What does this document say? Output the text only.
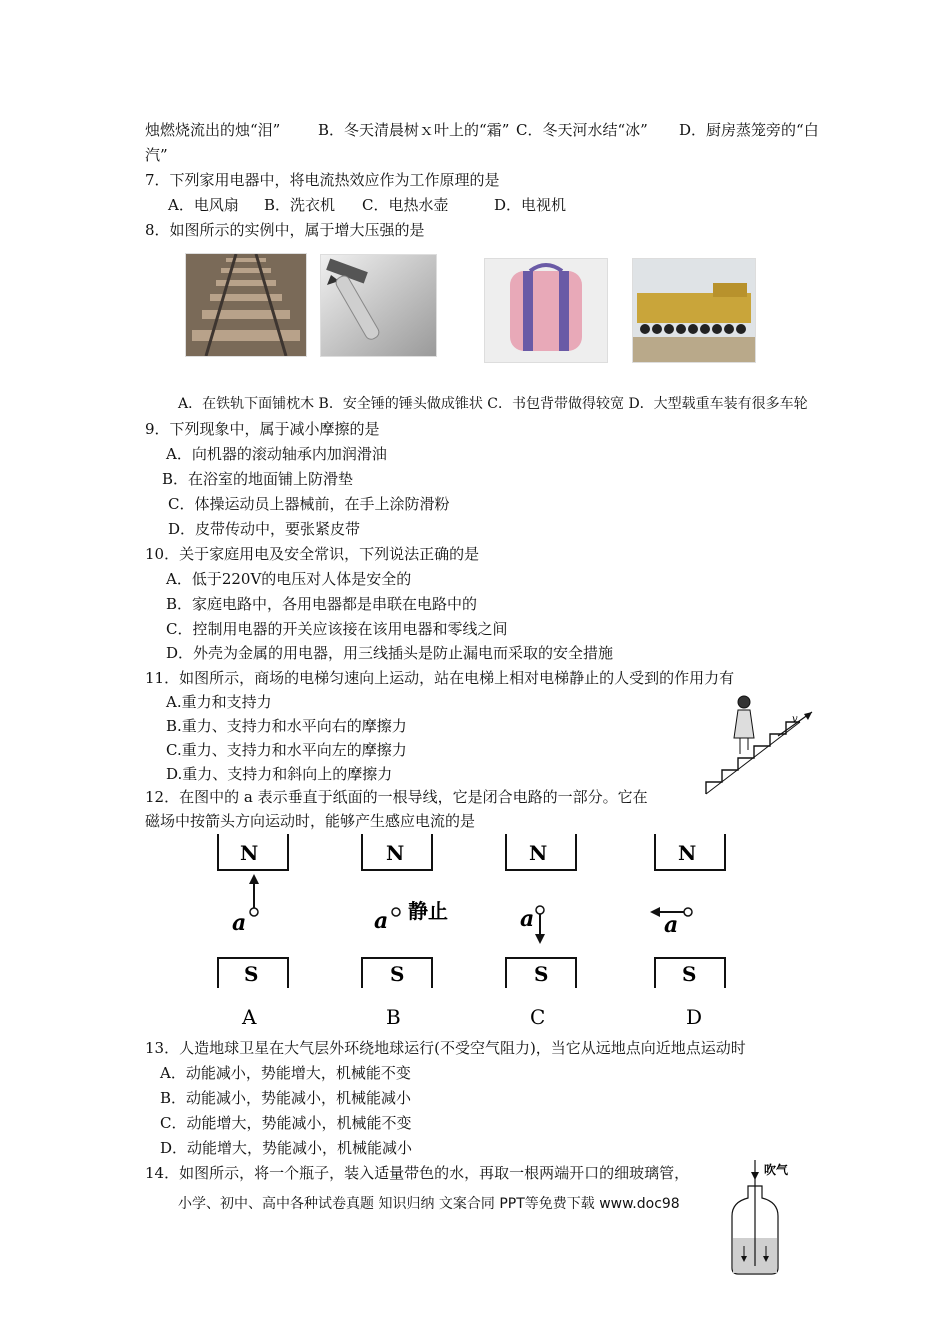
烛燃烧流出的烛“泪”	B．冬天清晨树ｘ叶上的“霜” C．冬天河水结“冰” D．厨房蒸笼旁的“白
汽”
7．下列家用电器中，将电流热效应作为工作原理的是
A．电风扇 B．洗衣机 C．电热水壶	D．电视机
8．如图所示的实例中，属于增大压强的是
A．在铁轨下面铺枕木 B．安全锤的锤头做成锥状 C．书包背带做得较宽 D．大型载重车装有很多车轮
9．下列现象中，属于减小摩擦的是
A．向机器的滚动轴承内加润滑油
B．在浴室的地面铺上防滑垫
C．体操运动员上器械前，在手上涂防滑粉
D．皮带传动中，要张紧皮带
10．关于家庭用电及安全常识，下列说法正确的是
A．低于220V的电压对人体是安全的
B．家庭电路中，各用电器都是串联在电路中的
C．控制用电器的开关应该接在该用电器和零线之间
D．外壳为金属的用电器，用三线插头是防止漏电而采取的安全措施
11．如图所示，商场的电梯匀速向上运动，站在电梯上相对电梯静止的人受到的作用力有
A.重力和支持力
B.重力、支持力和水平向右的摩擦力
C.重力、支持力和水平向左的摩擦力
D.重力、支持力和斜向上的摩擦力
v
12．在图中的 a 表示垂直于纸面的一根导线，它是闭合电路的一部分。它在
磁场中按箭头方向运动时，能够产生感应电流的是
N
S
a
A
N
S
a 静止
B
N
S
a
C
N
S
a
D
13．人造地球卫星在大气层外环绕地球运行(不受空气阻力)，当它从远地点向近地点运动时
A．动能减小，势能增大，机械能不变
B．动能减小，势能减小，机械能减小
C．动能增大，势能减小，机械能不变
D．动能增大，势能减小，机械能减小
14．如图所示，将一个瓶子，装入适量带色的水，再取一根两端开口的细玻璃管，	吹气
小学、初中、高中各种试卷真题 知识归纳 文案合同 PPT等免费下载 www.doc98
